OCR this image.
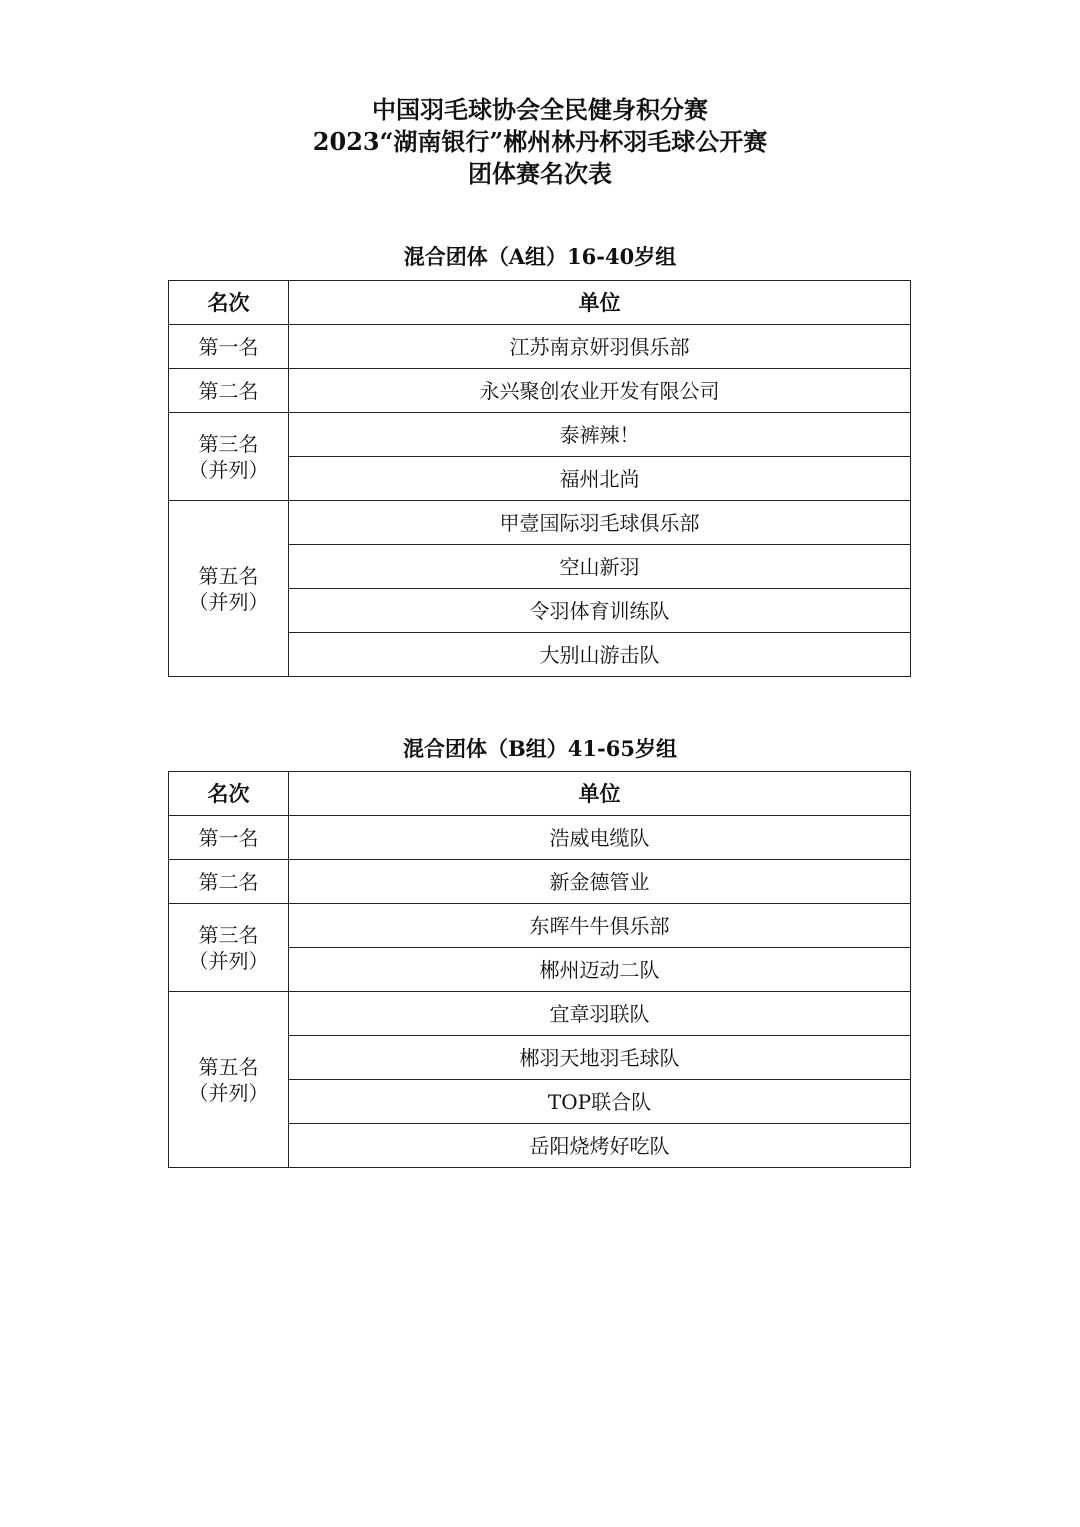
中国羽毛球协会全民健身积分赛
2023“湖南银行”郴州林丹杯羽毛球公开赛
团体赛名次表
混合团体（A组）16-40岁组
名次	单位

第一名	江苏南京妍羽俱乐部

第二名	永兴聚创农业开发有限公司

第三名
（并列）	泰裤辣！
	福州北尚

第五名
（并列）	甲壹国际羽毛球俱乐部
	空山新羽
	令羽体育训练队
	大别山游击队
混合团体（B组）41-65岁组
名次	单位

第一名	浩威电缆队

第二名	新金德管业

第三名
（并列）	东晖牛牛俱乐部
	郴州迈动二队

第五名
（并列）	宜章羽联队
	郴羽天地羽毛球队
	TOP联合队
	岳阳烧烤好吃队
